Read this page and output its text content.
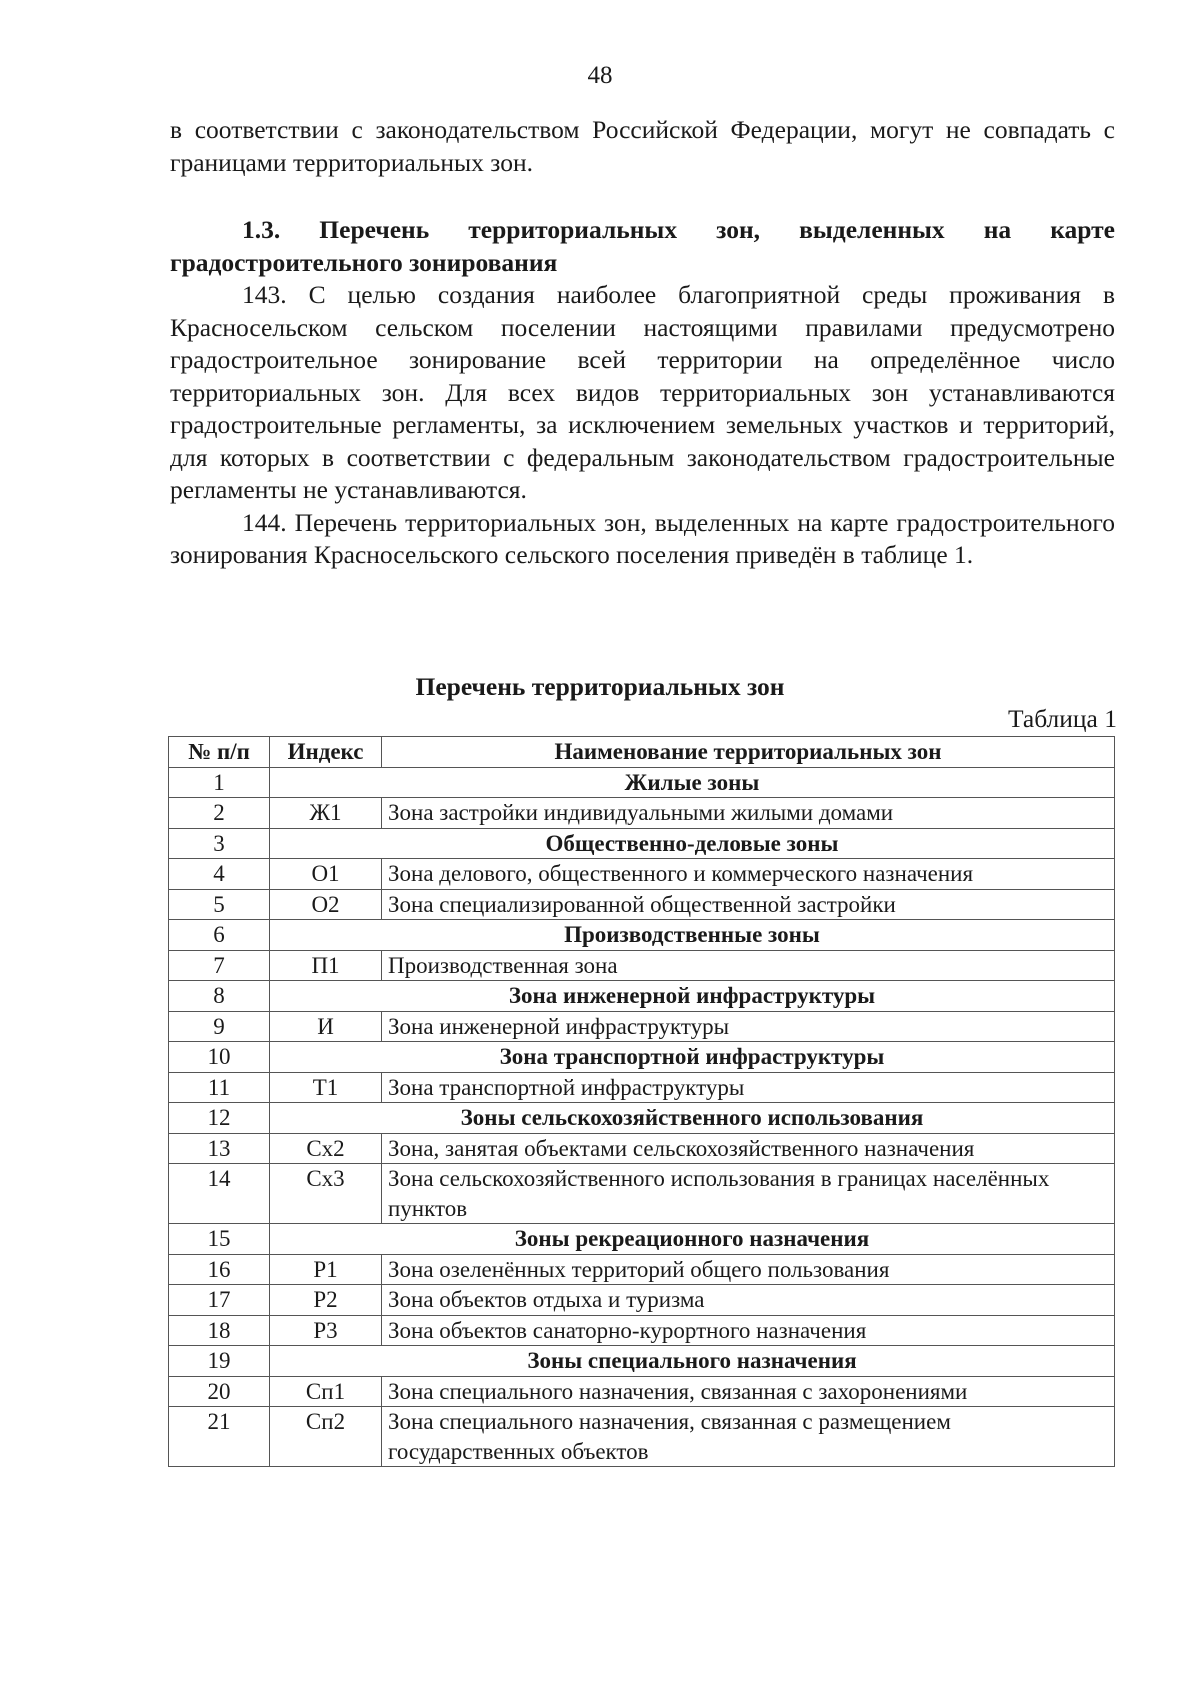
48

в соответствии с законодательством Российской Федерации, могут не совпадать с границами территориальных зон.

1.3. Перечень территориальных зон, выделенных на карте градостроительного зонирования

143. С целью создания наиболее благоприятной среды проживания в Красносельском сельском поселении настоящими правилами предусмотрено градостроительное зонирование всей территории на определённое число территориальных зон. Для всех видов территориальных зон устанавливаются градостроительные регламенты, за исключением земельных участков и территорий, для которых в соответствии с федеральным законодательством градостроительные регламенты не устанавливаются.

144. Перечень территориальных зон, выделенных на карте градостроительного зонирования Красносельского сельского поселения приведён в таблице 1.

Перечень территориальных зон
Таблица 1
№ п/п	Индекс	Наименование территориальных зон
1	Жилые зоны	
2	Ж1	Зона застройки индивидуальными жилыми домами
3	Общественно-деловые зоны	
4	О1	Зона делового, общественного и коммерческого назначения
5	О2	Зона специализированной общественной застройки
6	Производственные зоны	
7	П1	Производственная зона
8	Зона инженерной инфраструктуры	
9	И	Зона инженерной инфраструктуры
10	Зона транспортной инфраструктуры	
11	Т1	Зона транспортной инфраструктуры
12	Зоны сельскохозяйственного использования	
13	Сх2	Зона, занятая объектами сельскохозяйственного назначения
14	Сх3	Зона сельскохозяйственного использования в границах населённых пунктов
15	Зоны рекреационного назначения	
16	Р1	Зона озеленённых территорий общего пользования
17	Р2	Зона объектов отдыха и туризма
18	Р3	Зона объектов санаторно-курортного назначения
19	Зоны специального назначения	
20	Сп1	Зона специального назначения, связанная с захоронениями
21	Сп2	Зона специального назначения, связанная с размещением государственных объектов
